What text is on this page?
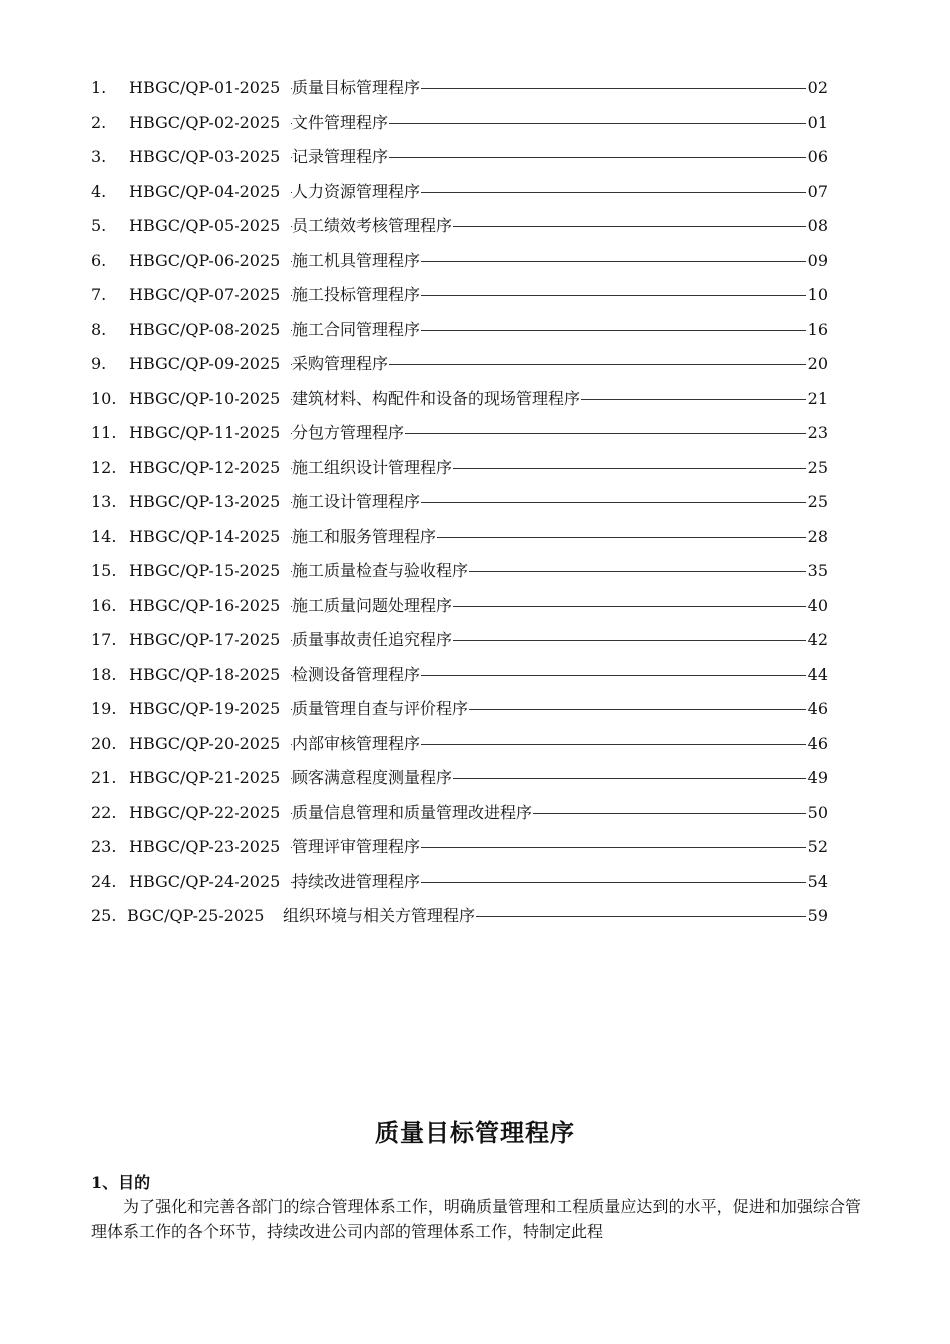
1. HBGC/QP-01-2025 质量目标管理程序	02
2. HBGC/QP-02-2025 文件管理程序	01
3. HBGC/QP-03-2025 记录管理程序	06
4. HBGC/QP-04-2025 人力资源管理程序	07
5. HBGC/QP-05-2025 员工绩效考核管理程序	08
6. HBGC/QP-06-2025 施工机具管理程序	09
7. HBGC/QP-07-2025 施工投标管理程序	10
8. HBGC/QP-08-2025 施工合同管理程序	16
9. HBGC/QP-09-2025 采购管理程序	20
10. HBGC/QP-10-2025 建筑材料、构配件和设备的现场管理程序	21
11. HBGC/QP-11-2025 分包方管理程序	23
12. HBGC/QP-12-2025 施工组织设计管理程序	25
13. HBGC/QP-13-2025 施工设计管理程序	25
14. HBGC/QP-14-2025 施工和服务管理程序	28
15. HBGC/QP-15-2025 施工质量检查与验收程序	35
16. HBGC/QP-16-2025 施工质量问题处理程序	40
17. HBGC/QP-17-2025 质量事故责任追究程序	42
18. HBGC/QP-18-2025 检测设备管理程序	44
19. HBGC/QP-19-2025 质量管理自查与评价程序	46
20. HBGC/QP-20-2025 内部审核管理程序	46
21. HBGC/QP-21-2025 顾客满意程度测量程序	49
22. HBGC/QP-22-2025 质量信息管理和质量管理改进程序	50
23. HBGC/QP-23-2025 管理评审管理程序	52
24. HBGC/QP-24-2025 持续改进管理程序	54
25. BGC/QP-25-2025 组织环境与相关方管理程序	59
质量目标管理程序
1、目的
为了强化和完善各部门的综合管理体系工作，明确质量管理和工程质量应达到的水平，促进和加强综合管理体系工作的各个环节，持续改进公司内部的管理体系工作，特制定此程
